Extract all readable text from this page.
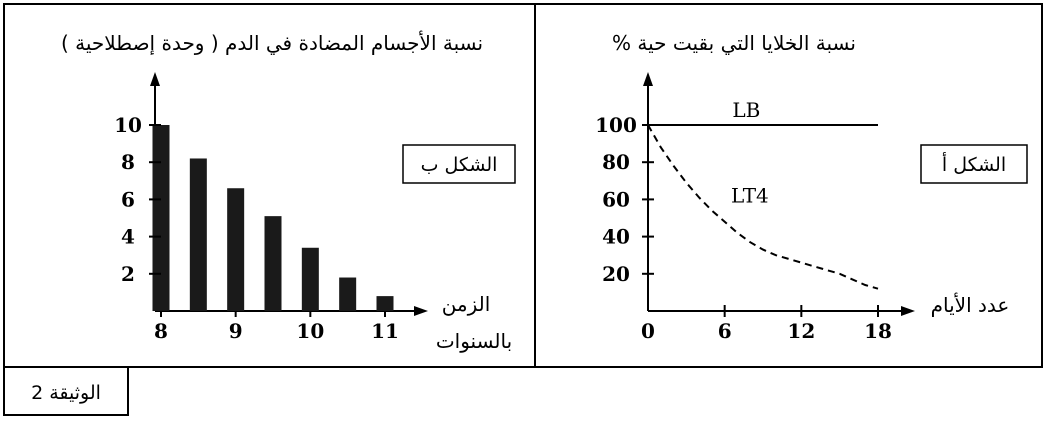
الوثيقة 2
نسبة الأجسام المضادة في الدم ( وحدة إصطلاحية )
الشكل ب
2
4
6
8
10
8	9	10 11
الزمن
بالسنوات
نسبة الخلايا التي بقيت حية %
الشكل أ
20
40
60
80
100
0	6	12 18
LB
LT4
عدد الأيام
